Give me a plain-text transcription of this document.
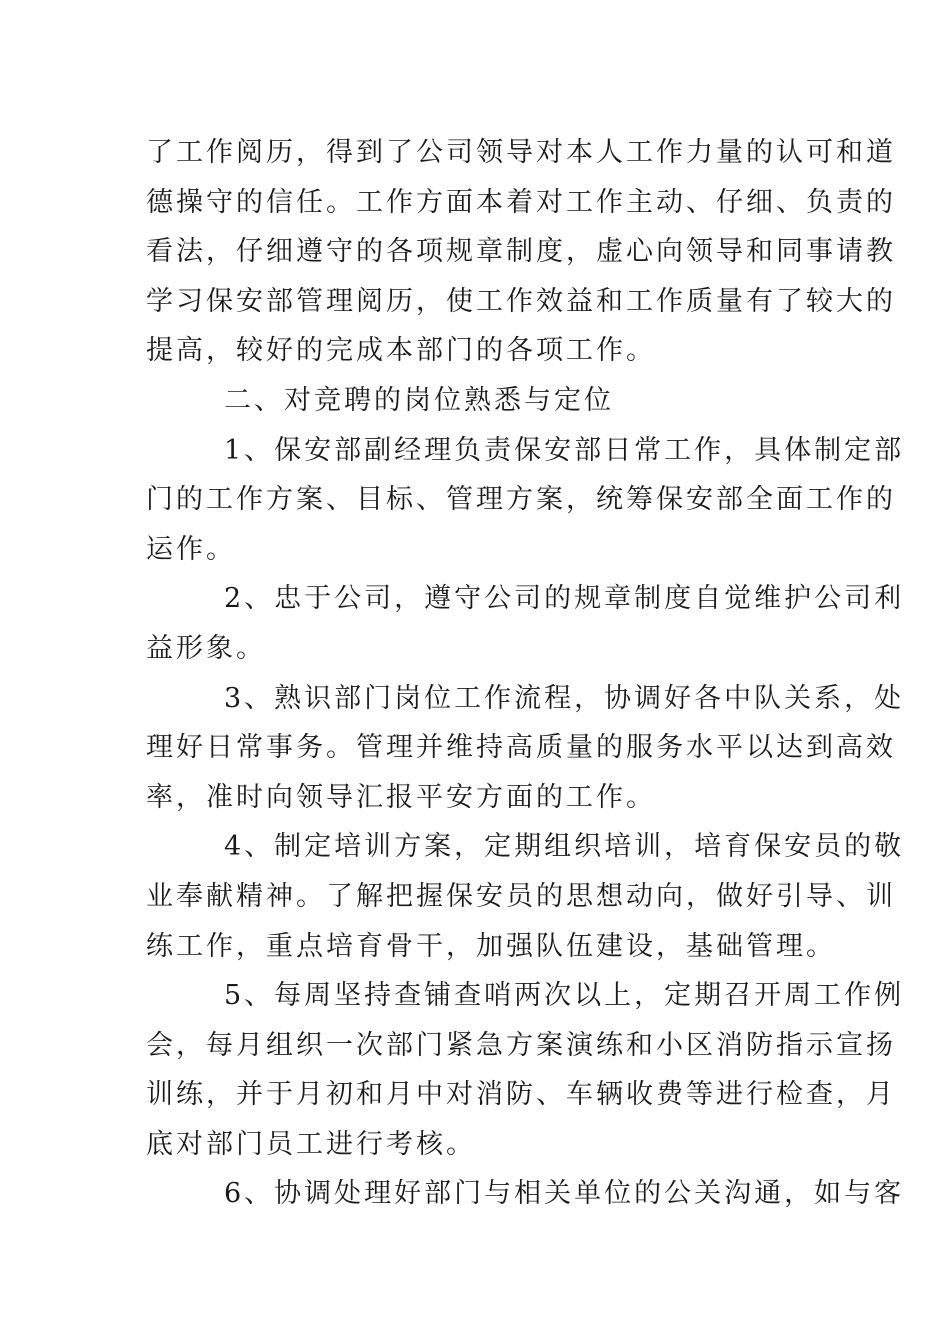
了工作阅历，得到了公司领导对本人工作力量的认可和道
德操守的信任。工作方面本着对工作主动、仔细、负责的
看法，仔细遵守的各项规章制度，虚心向领导和同事请教
学习保安部管理阅历，使工作效益和工作质量有了较大的
提高，较好的完成本部门的各项工作。
二、对竞聘的岗位熟悉与定位
1、保安部副经理负责保安部日常工作，具体制定部
门的工作方案、目标、管理方案，统筹保安部全面工作的
运作。
2、忠于公司，遵守公司的规章制度自觉维护公司利
益形象。
3、熟识部门岗位工作流程，协调好各中队关系，处
理好日常事务。管理并维持高质量的服务水平以达到高效
率，准时向领导汇报平安方面的工作。
4、制定培训方案，定期组织培训，培育保安员的敬
业奉献精神。了解把握保安员的思想动向，做好引导、训
练工作，重点培育骨干，加强队伍建设，基础管理。
5、每周坚持查铺查哨两次以上，定期召开周工作例
会，每月组织一次部门紧急方案演练和小区消防指示宣扬
训练，并于月初和月中对消防、车辆收费等进行检查，月
底对部门员工进行考核。
6、协调处理好部门与相关单位的公关沟通，如与客
